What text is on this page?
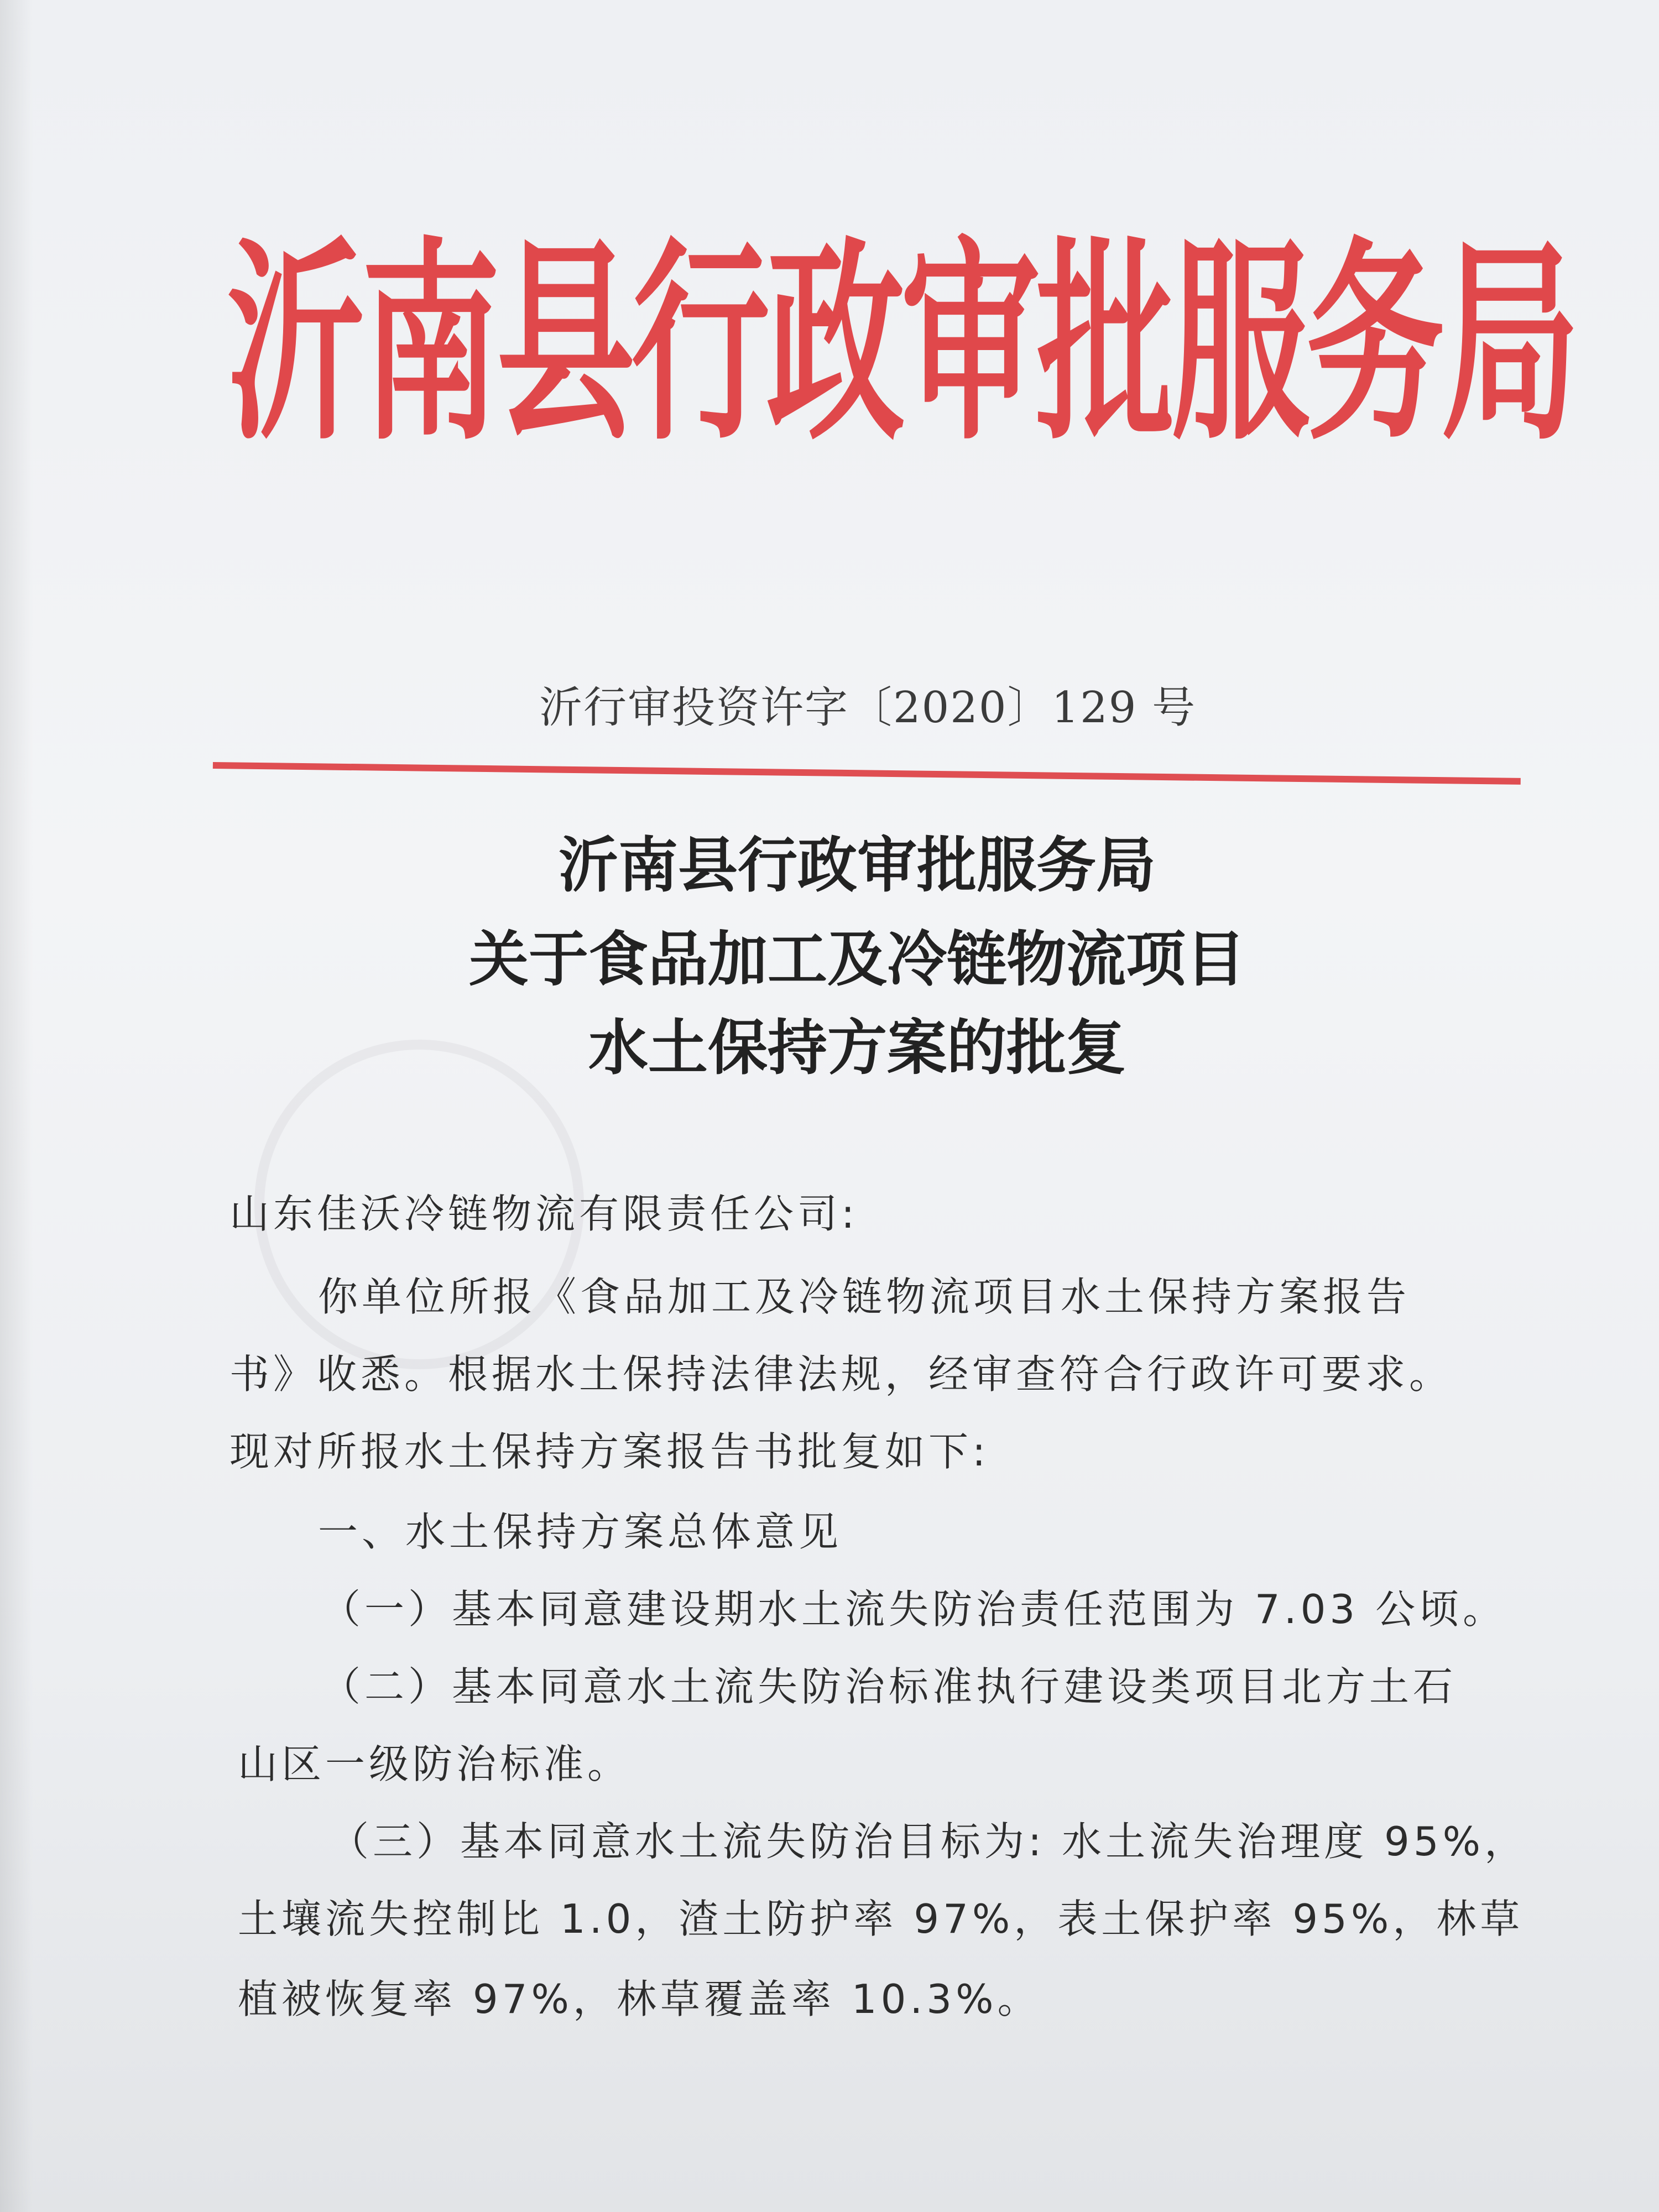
沂南县行政审批服务局

沂行审投资许字〔2020〕129 号

沂南县行政审批服务局
关于食品加工及冷链物流项目
水土保持方案的批复

山东佳沃冷链物流有限责任公司:

你单位所报《食品加工及冷链物流项目水土保持方案报告

书》收悉。根据水土保持法律法规，经审查符合行政许可要求。

现对所报水土保持方案报告书批复如下:

一、水土保持方案总体意见

（一）基本同意建设期水土流失防治责任范围为 7.03 公顷。

（二）基本同意水土流失防治标准执行建设类项目北方土石

山区一级防治标准。

（三）基本同意水土流失防治目标为: 水土流失治理度 95%，

土壤流失控制比 1.0，渣土防护率 97%，表土保护率 95%，林草

植被恢复率 97%，林草覆盖率 10.3%。
